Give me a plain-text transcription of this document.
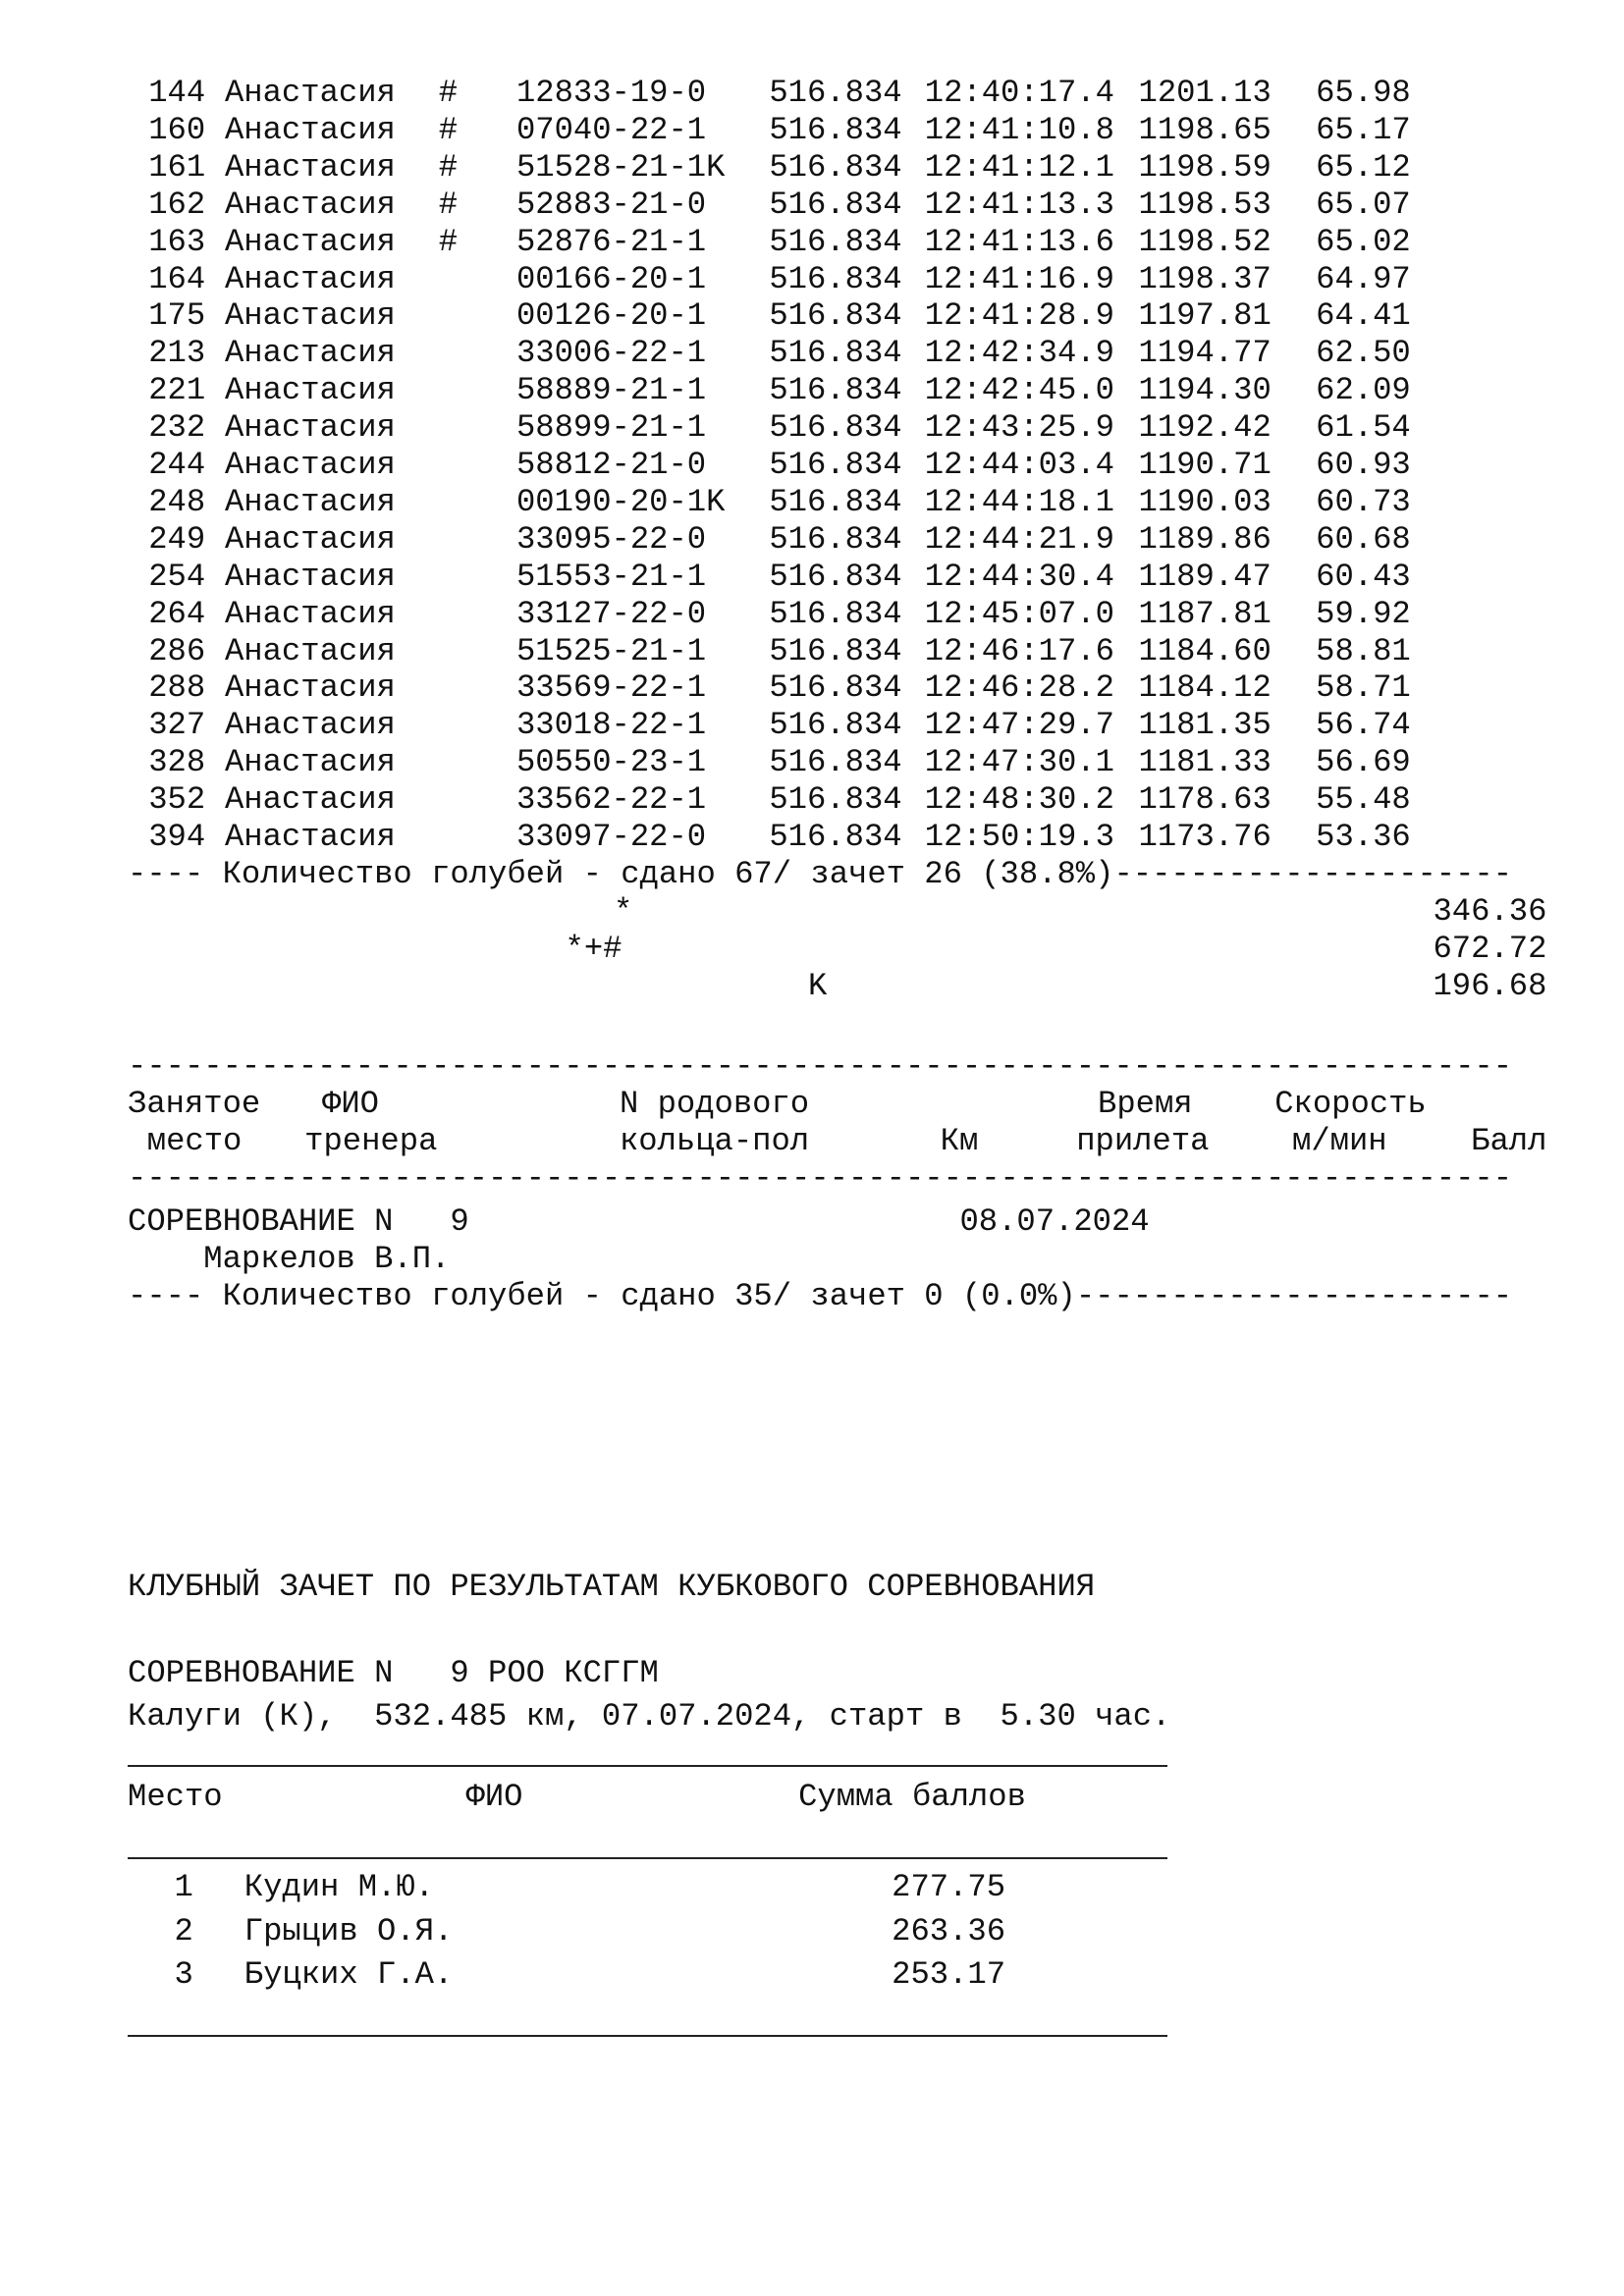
144 Анастасия # 12833-19-0 516.834 12:40:17.4 1201.13 65.98
160 Анастасия # 07040-22-1 516.834 12:41:10.8 1198.65 65.17
161 Анастасия # 51528-21-1K 516.834 12:41:12.1 1198.59 65.12
162 Анастасия # 52883-21-0 516.834 12:41:13.3 1198.53 65.07
163 Анастасия # 52876-21-1 516.834 12:41:13.6 1198.52 65.02
164 Анастасия	00166-20-1 516.834 12:41:16.9 1198.37 64.97
175 Анастасия	00126-20-1 516.834 12:41:28.9 1197.81 64.41
213 Анастасия	33006-22-1 516.834 12:42:34.9 1194.77 62.50
221 Анастасия	58889-21-1 516.834 12:42:45.0 1194.30 62.09
232 Анастасия	58899-21-1 516.834 12:43:25.9 1192.42 61.54
244 Анастасия	58812-21-0 516.834 12:44:03.4 1190.71 60.93
248 Анастасия	00190-20-1K 516.834 12:44:18.1 1190.03 60.73
249 Анастасия	33095-22-0 516.834 12:44:21.9 1189.86 60.68
254 Анастасия	51553-21-1 516.834 12:44:30.4 1189.47 60.43
264 Анастасия	33127-22-0 516.834 12:45:07.0 1187.81 59.92
286 Анастасия	51525-21-1 516.834 12:46:17.6 1184.60 58.81
288 Анастасия	33569-22-1 516.834 12:46:28.2 1184.12 58.71
327 Анастасия	33018-22-1 516.834 12:47:29.7 1181.35 56.74
328 Анастасия	50550-23-1 516.834 12:47:30.1 1181.33 56.69
352 Анастасия	33562-22-1 516.834 12:48:30.2 1178.63 55.48
394 Анастасия	33097-22-0 516.834 12:50:19.3 1173.76 53.36
---- Количество голубей - сдано 67/ зачет 26 (38.8%)---------------------
*	346.36
*+#	672.72
K	196.68
-------------------------------------------------------------------------
Занятое ФИО	N родового	Время	Скорость
место тренера	кольца-пол	Км	прилета	м/мин	Балл
-------------------------------------------------------------------------
СОРЕВНОВАНИЕ N   9	08.07.2024
Маркелов В.П.
---- Количество голубей - сдано 35/ зачет 0 (0.0%)-----------------------
КЛУБНЫЙ ЗАЧЕТ ПО РЕЗУЛЬТАТАМ КУБКОВОГО СОРЕВНОВАНИЯ
СОРЕВНОВАНИЕ N   9 РОО КСГГМ
Калуги (К),  532.485 км, 07.07.2024, старт в  5.30 час.
Место	ФИО	Сумма баллов
1 Кудин М.Ю.	277.75
2 Грыцив О.Я.	263.36
3 Буцких Г.А.	253.17
